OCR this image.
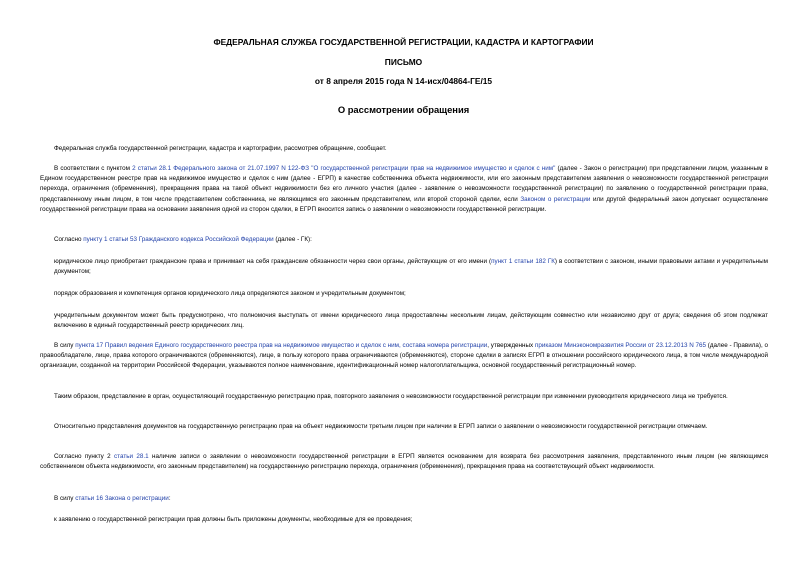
ФЕДЕРАЛЬНАЯ СЛУЖБА ГОСУДАРСТВЕННОЙ РЕГИСТРАЦИИ, КАДАСТРА И КАРТОГРАФИИ
ПИСЬМО
от 8 апреля 2015 года N 14-исх/04864-ГЕ/15
О рассмотрении обращения

Федеральная служба государственной регистрации, кадастра и картографии, рассмотрев обращение, сообщает.

В соответствии с пунктом 2 статьи 28.1 Федерального закона от 21.07.1997 N 122-ФЗ "О государственной регистрации прав на недвижимое имущество и сделок с ним" (далее - Закон о регистрации) при представлении лицом, указанным в Едином государственном реестре прав на недвижимое имущество и сделок с ним (далее - ЕГРП) в качестве собственника объекта недвижимости, или его законным представителем заявления о невозможности государственной регистрации перехода, ограничения (обременения), прекращения права на такой объект недвижимости без его личного участия (далее - заявление о невозможности государственной регистрации) по заявлению о государственной регистрации права, представленному иным лицом, в том числе представителем собственника, не являющимся его законным представителем, или второй стороной сделки, если Законом о регистрации или другой федеральный закон допускает осуществление государственной регистрации права на основании заявления одной из сторон сделки, в ЕГРП вносится запись о заявлении о невозможности государственной регистрации.

Согласно пункту 1 статьи 53 Гражданского кодекса Российской Федерации (далее - ГК):

юридическое лицо приобретает гражданские права и принимает на себя гражданские обязанности через свои органы, действующие от его имени (пункт 1 статьи 182 ГК) в соответствии с законом, иными правовыми актами и учредительным документом;

порядок образования и компетенция органов юридического лица определяются законом и учредительным документом;

учредительным документом может быть предусмотрено, что полномочия выступать от имени юридического лица предоставлены нескольким лицам, действующим совместно или независимо друг от друга; сведения об этом подлежат включению в единый государственный реестр юридических лиц.

В силу пункта 17 Правил ведения Единого государственного реестра прав на недвижимое имущество и сделок с ним, состава номера регистрации, утвержденных приказом Минэкономразвития России от 23.12.2013 N 765 (далее - Правила), о правообладателе, лице, права которого ограничиваются (обременяются), лице, в пользу которого права ограничиваются (обременяются), стороне сделки в записях ЕГРП в отношении российского юридического лица, в том числе международной организации, созданной на территории Российской Федерации, указываются полное наименование, идентификационный номер налогоплательщика, основной государственный регистрационный номер.

Таким образом, представление в орган, осуществляющий государственную регистрацию прав, повторного заявления о невозможности государственной регистрации при изменении руководителя юридического лица не требуется.

Относительно представления документов на государственную регистрацию прав на объект недвижимости третьим лицом при наличии в ЕГРП записи о заявлении о невозможности государственной регистрации отмечаем.

Согласно пункту 2 статьи 28.1 наличие записи о заявлении о невозможности государственной регистрации в ЕГРП является основанием для возврата без рассмотрения заявления, представленного иным лицом (не являющимся собственником объекта недвижимости, его законным представителем) на государственную регистрацию перехода, ограничения (обременения), прекращения права на соответствующий объект недвижимости.

В силу статьи 16 Закона о регистрации:

к заявлению о государственной регистрации прав должны быть приложены документы, необходимые для ее проведения;
